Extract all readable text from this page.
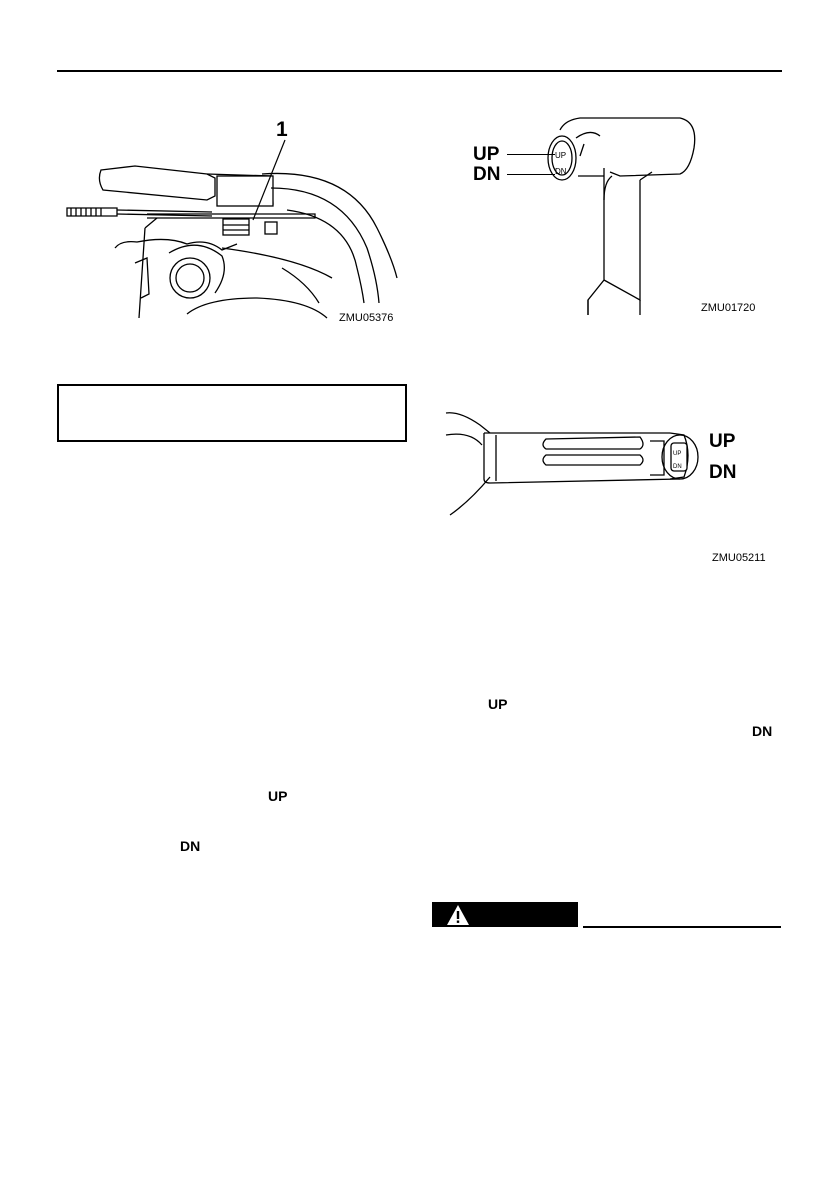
1
ZMU05376
UP
DN
UP
DN
ZMU01720
UP
DN
UP
DN
ZMU05211
UP
DN
UP
DN
